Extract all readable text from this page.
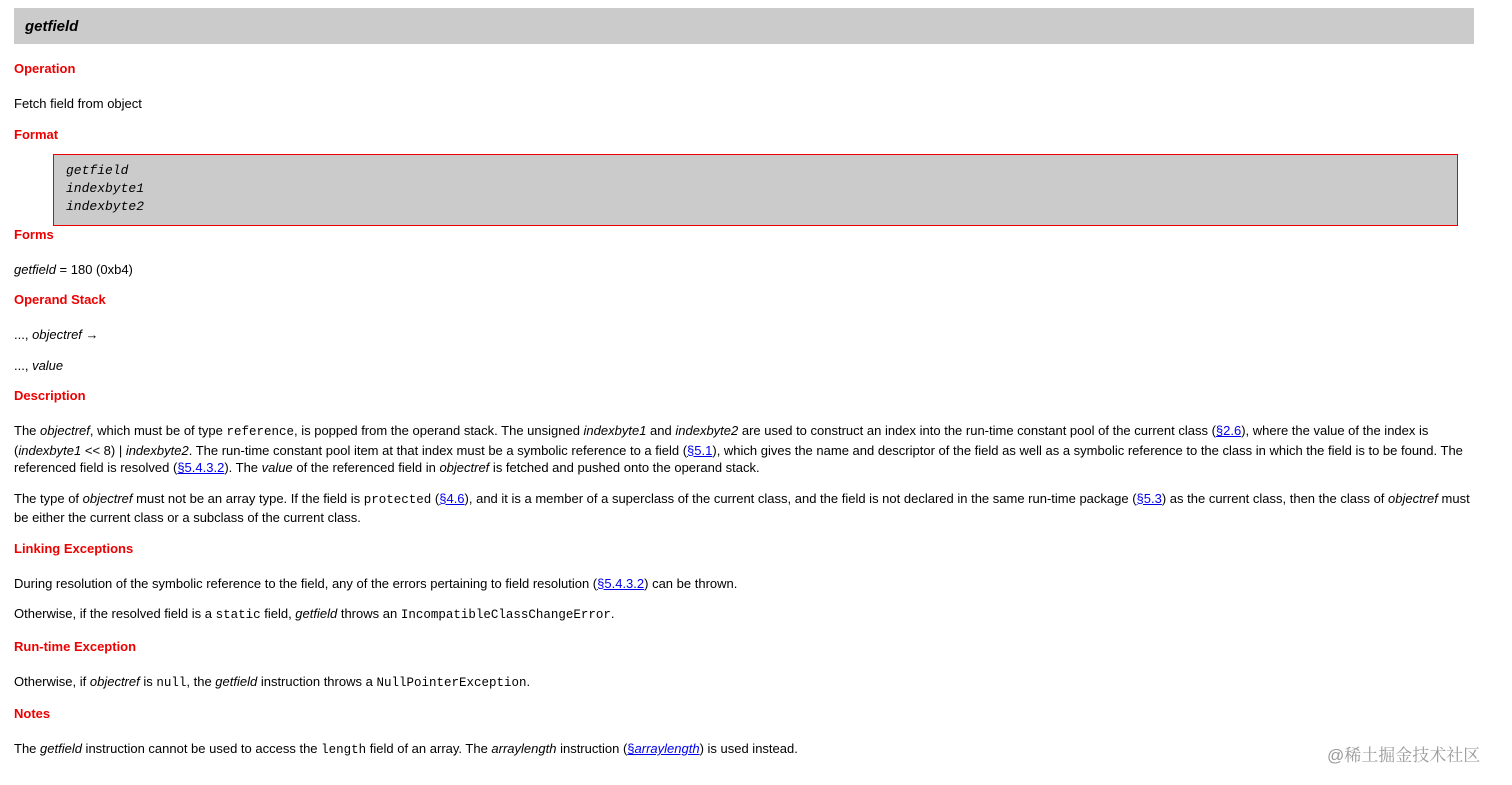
getfield
Operation

Fetch field from object

Format
getfield
indexbyte1
indexbyte2
Forms

getfield = 180 (0xb4)

Operand Stack

..., objectref →

..., value

Description

The objectref, which must be of type reference, is popped from the operand stack. The unsigned indexbyte1 and indexbyte2 are used to construct an index into the run-time constant pool of the current class (§2.6), where the value of the index is (indexbyte1 << 8) | indexbyte2. The run-time constant pool item at that index must be a symbolic reference to a field (§5.1), which gives the name and descriptor of the field as well as a symbolic reference to the class in which the field is to be found. The referenced field is resolved (§5.4.3.2). The value of the referenced field in objectref is fetched and pushed onto the operand stack.

The type of objectref must not be an array type. If the field is protected (§4.6), and it is a member of a superclass of the current class, and the field is not declared in the same run-time package (§5.3) as the current class, then the class of objectref must be either the current class or a subclass of the current class.

Linking Exceptions

During resolution of the symbolic reference to the field, any of the errors pertaining to field resolution (§5.4.3.2) can be thrown.

Otherwise, if the resolved field is a static field, getfield throws an IncompatibleClassChangeError.

Run-time Exception

Otherwise, if objectref is null, the getfield instruction throws a NullPointerException.

Notes

The getfield instruction cannot be used to access the length field of an array. The arraylength instruction (§arraylength) is used instead.	@稀土掘金技术社区
